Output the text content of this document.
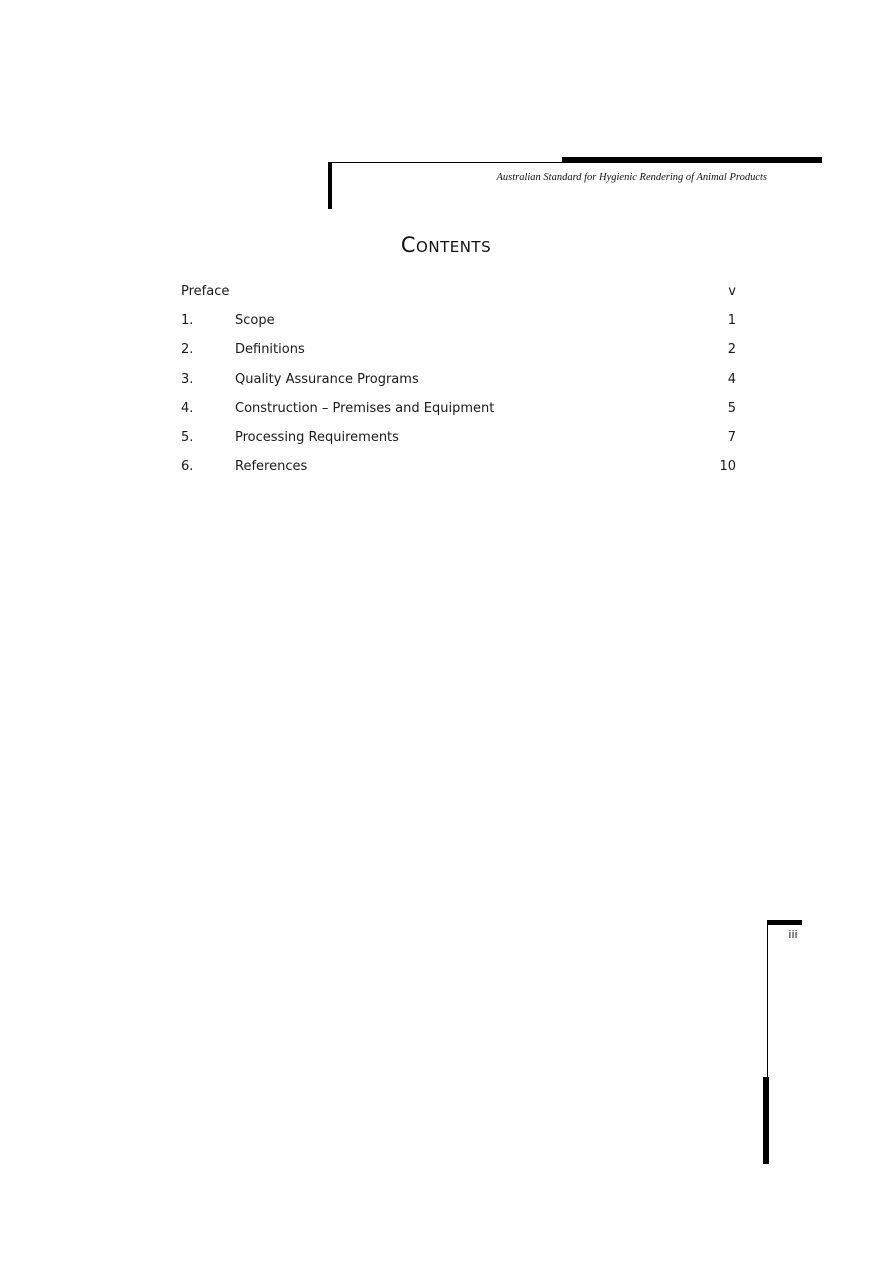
Australian Standard for Hygienic Rendering of Animal Products
Contents
Preface	v
1.	Scope	1
2.	Definitions	2
3.	Quality Assurance Programs	4
4.	Construction – Premises and Equipment	5
5.	Processing Requirements	7
6.	References	10
iii
